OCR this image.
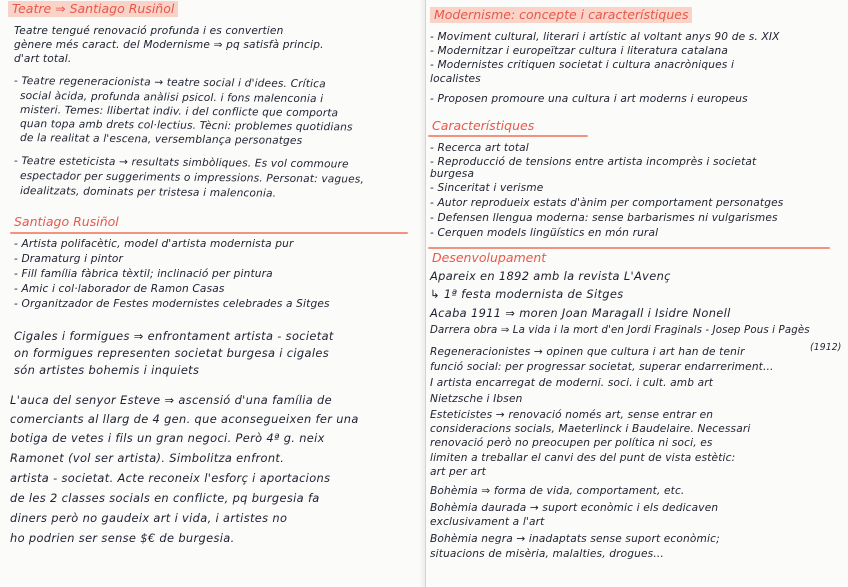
Teatre ⇒ Santiago Rusiñol
Teatre tengué renovació profunda i es convertien
gènere més caract. del Modernisme ⇒ pq satisfà princip.
d'art total.
- Teatre regeneracionista → teatre social i d'idees. Crítica
social àcida, profunda anàlisi psicol. i fons malenconia i
misteri. Temes: llibertat indiv. i del conflicte que comporta
quan topa amb drets col·lectius. Tècni: problemes quotidians
de la realitat a l'escena, versemblança personatges
- Teatre esteticista → resultats simbòliques. Es vol commoure
espectador per suggeriments o impressions. Personat: vagues,
idealitzats, dominats per tristesa i malenconia.
Santiago Rusiñol
- Artista polifacètic, model d'artista modernista pur
- Dramaturg i pintor
- Fill família fàbrica tèxtil; inclinació per pintura
- Amic i col·laborador de Ramon Casas
- Organitzador de Festes modernistes celebrades a Sitges
Cigales i formigues ⇒ enfrontament artista - societat
on formigues representen societat burgesa i cigales
són artistes bohemis i inquiets
L'auca del senyor Esteve ⇒ ascensió d'una família de
comerciants al llarg de 4 gen. que aconsegueixen fer una
botiga de vetes i fils un gran negoci. Però 4ª g. neix
Ramonet (vol ser artista). Simbolitza enfront.
artista - societat. Acte reconeix l'esforç i aportacions
de les 2 classes socials en conflicte, pq burgesia fa
diners però no gaudeix art i vida, i artistes no
ho podrien ser sense $€ de burgesia.
Modernisme: concepte i característiques
- Moviment cultural, literari i artístic al voltant anys 90 de s. XIX
- Modernitzar i europeïtzar cultura i literatura catalana
- Modernistes critiquen societat i cultura anacròniques i
localistes
- Proposen promoure una cultura i art moderns i europeus
Característiques
- Recerca art total
- Reproducció de tensions entre artista incomprès i societat
burgesa
- Sinceritat i verisme
- Autor reprodueix estats d'ànim per comportament personatges
- Defensen llengua moderna: sense barbarismes ni vulgarismes
- Cerquen models lingüístics en món rural
Desenvolupament
Apareix en 1892 amb la revista L'Avenç
↳ 1ª festa modernista de Sitges
Acaba 1911 ⇒ moren Joan Maragall i Isidre Nonell
Darrera obra ⇒ La vida i la mort d'en Jordi Fraginals - Josep Pous i Pagès
(1912)
Regeneracionistes → opinen que cultura i art han de tenir
funció social: per progressar societat, superar endarreriment...
I artista encarregat de moderni. soci. i cult. amb art
Nietzsche i Ibsen
Esteticistes → renovació només art, sense entrar en
consideracions socials, Maeterlinck i Baudelaire. Necessari
renovació però no preocupen per política ni soci, es
limiten a treballar el canvi des del punt de vista estètic:
art per art
Bohèmia ⇒ forma de vida, comportament, etc.
Bohèmia daurada → suport econòmic i els dedicaven
exclusivament a l'art
Bohèmia negra → inadaptats sense suport econòmic;
situacions de misèria, malalties, drogues...
